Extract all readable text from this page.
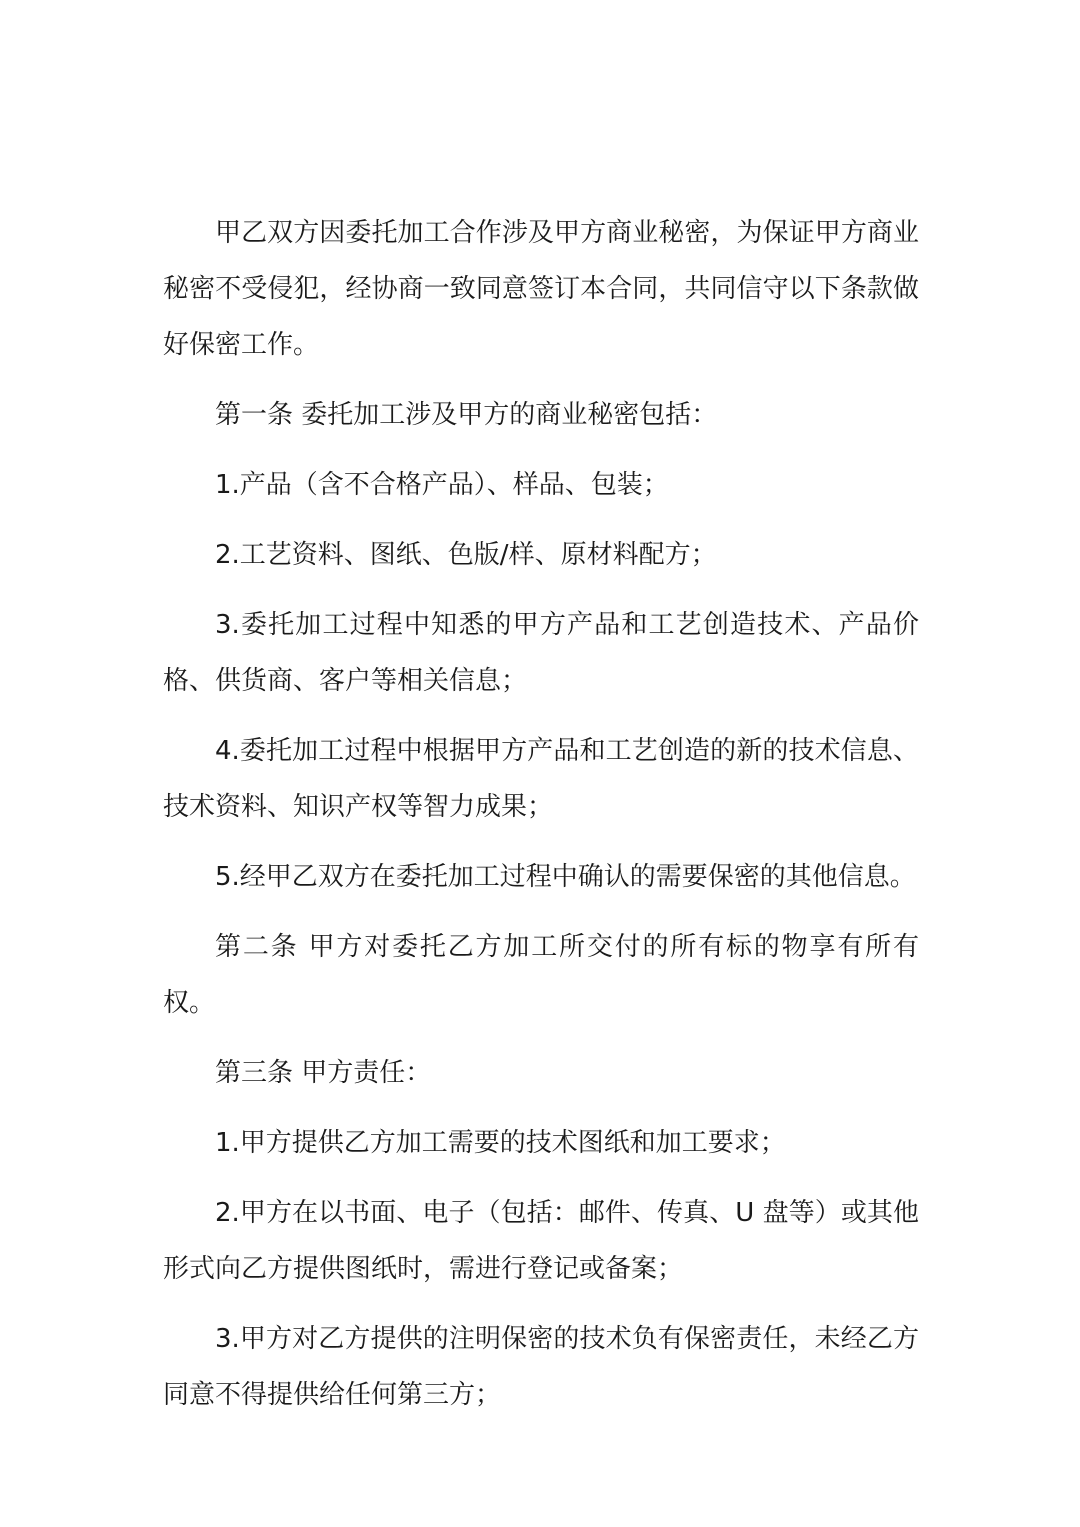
甲乙双方因委托加工合作涉及甲方商业秘密，为保证甲方商业秘密不受侵犯，经协商一致同意签订本合同，共同信守以下条款做好保密工作。

第一条 委托加工涉及甲方的商业秘密包括：

1.产品（含不合格产品）、样品、包装；

2.工艺资料、图纸、色版/样、原材料配方；

3.委托加工过程中知悉的甲方产品和工艺创造技术、产品价格、供货商、客户等相关信息；

4.委托加工过程中根据甲方产品和工艺创造的新的技术信息、技术资料、知识产权等智力成果；

5.经甲乙双方在委托加工过程中确认的需要保密的其他信息。

第二条 甲方对委托乙方加工所交付的所有标的物享有所有权。

第三条 甲方责任：

1.甲方提供乙方加工需要的技术图纸和加工要求；

2.甲方在以书面、电子（包括：邮件、传真、U 盘等）或其他形式向乙方提供图纸时，需进行登记或备案；

3.甲方对乙方提供的注明保密的技术负有保密责任，未经乙方同意不得提供给任何第三方；
